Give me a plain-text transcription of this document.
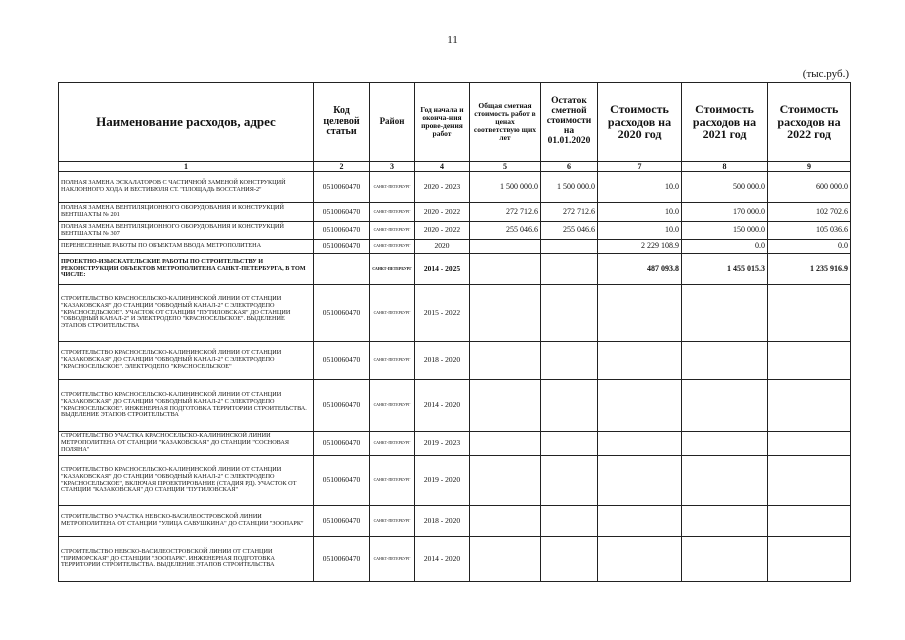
11
(тыс.руб.)
Наименование расходов, адрес	Код целевой статьи	Район	Год начала и оконча-ния прове-дения работ	Общая сметная стоимость работ в ценах соответствую щих лет	Остаток сметной стоимости на 01.01.2020	Стоимость расходов на 2020 год	Стоимость расходов на 2021 год	Стоимость расходов на 2022 год
1	2	3	4	5	6	7	8	9
ПОЛНАЯ ЗАМЕНА ЭСКАЛАТОРОВ С ЧАСТИЧНОЙ ЗАМЕНОЙ КОНСТРУКЦИЙ НАКЛОННОГО ХОДА И ВЕСТИБЮЛЯ СТ. "ПЛОЩАДЬ ВОССТАНИЯ-2"	0510060470	САНКТ-ПЕТЕРБУРГ	2020 - 2023	1 500 000.0	1 500 000.0	10.0	500 000.0	600 000.0
ПОЛНАЯ ЗАМЕНА ВЕНТИЛЯЦИОННОГО ОБОРУДОВАНИЯ И КОНСТРУКЦИЙ ВЕНТШАХТЫ № 201	0510060470	САНКТ-ПЕТЕРБУРГ	2020 - 2022	272 712.6	272 712.6	10.0	170 000.0	102 702.6
ПОЛНАЯ ЗАМЕНА ВЕНТИЛЯЦИОННОГО ОБОРУДОВАНИЯ И КОНСТРУКЦИЙ ВЕНТШАХТЫ № 307	0510060470	САНКТ-ПЕТЕРБУРГ	2020 - 2022	255 046.6	255 046.6	10.0	150 000.0	105 036.6
ПЕРЕНЕСЕННЫЕ РАБОТЫ ПО ОБЪЕКТАМ ВВОДА МЕТРОПОЛИТЕНА	0510060470	САНКТ-ПЕТЕРБУРГ	2020			2 229 108.9	0.0	0.0
ПРОЕКТНО-ИЗЫСКАТЕЛЬСКИЕ РАБОТЫ ПО СТРОИТЕЛЬСТВУ И РЕКОНСТРУКЦИИ ОБЪЕКТОВ МЕТРОПОЛИТЕНА САНКТ-ПЕТЕРБУРГА, В ТОМ ЧИСЛЕ:		САНКТ-ПЕТЕРБУРГ	2014 - 2025			487 093.8	1 455 015.3	1 235 916.9
СТРОИТЕЛЬСТВО КРАСНОСЕЛЬСКО-КАЛИНИНСКОЙ ЛИНИИ ОТ СТАНЦИИ "КАЗАКОВСКАЯ" ДО СТАНЦИИ "ОБВОДНЫЙ КАНАЛ-2" С ЭЛЕКТРОДЕПО "КРАСНОСЕЛЬСКОЕ". УЧАСТОК ОТ СТАНЦИИ "ПУТИЛОВСКАЯ" ДО СТАНЦИИ "ОБВОДНЫЙ КАНАЛ-2" И ЭЛЕКТРОДЕПО "КРАСНОСЕЛЬСКОЕ". ВЫДЕЛЕНИЕ ЭТАПОВ СТРОИТЕЛЬСТВА	0510060470	САНКТ-ПЕТЕРБУРГ	2015 - 2022					
СТРОИТЕЛЬСТВО КРАСНОСЕЛЬСКО-КАЛИНИНСКОЙ ЛИНИИ ОТ СТАНЦИИ "КАЗАКОВСКАЯ" ДО СТАНЦИИ "ОБВОДНЫЙ КАНАЛ-2" С ЭЛЕКТРОДЕПО "КРАСНОСЕЛЬСКОЕ". ЭЛЕКТРОДЕПО "КРАСНОСЕЛЬСКОЕ"	0510060470	САНКТ-ПЕТЕРБУРГ	2018 - 2020					
СТРОИТЕЛЬСТВО КРАСНОСЕЛЬСКО-КАЛИНИНСКОЙ ЛИНИИ ОТ СТАНЦИИ "КАЗАКОВСКАЯ" ДО СТАНЦИИ "ОБВОДНЫЙ КАНАЛ-2" С ЭЛЕКТРОДЕПО "КРАСНОСЕЛЬСКОЕ". ИНЖЕНЕРНАЯ ПОДГОТОВКА ТЕРРИТОРИИ СТРОИТЕЛЬСТВА. ВЫДЕЛЕНИЕ ЭТАПОВ СТРОИТЕЛЬСТВА	0510060470	САНКТ-ПЕТЕРБУРГ	2014 - 2020					
СТРОИТЕЛЬСТВО УЧАСТКА КРАСНОСЕЛЬСКО-КАЛИНИНСКОЙ ЛИНИИ МЕТРОПОЛИТЕНА ОТ СТАНЦИИ "КАЗАКОВСКАЯ" ДО СТАНЦИИ "СОСНОВАЯ ПОЛЯНА"	0510060470	САНКТ-ПЕТЕРБУРГ	2019 - 2023					
СТРОИТЕЛЬСТВО КРАСНОСЕЛЬСКО-КАЛИНИНСКОЙ ЛИНИИ ОТ СТАНЦИИ "КАЗАКОВСКАЯ" ДО СТАНЦИИ "ОБВОДНЫЙ КАНАЛ-2" С ЭЛЕКТРОДЕПО "КРАСНОСЕЛЬСКОЕ", ВКЛЮЧАЯ ПРОЕКТИРОВАНИЕ (СТАДИЯ РД). УЧАСТОК ОТ СТАНЦИИ "КАЗАКОВСКАЯ" ДО СТАНЦИИ "ПУТИЛОВСКАЯ"	0510060470	САНКТ-ПЕТЕРБУРГ	2019 - 2020					
СТРОИТЕЛЬСТВО УЧАСТКА НЕВСКО-ВАСИЛЕОСТРОВСКОЙ ЛИНИИ МЕТРОПОЛИТЕНА ОТ СТАНЦИИ "УЛИЦА САВУШКИНА" ДО СТАНЦИИ "ЗООПАРК"	0510060470	САНКТ-ПЕТЕРБУРГ	2018 - 2020					
СТРОИТЕЛЬСТВО НЕВСКО-ВАСИЛЕОСТРОВСКОЙ ЛИНИИ ОТ СТАНЦИИ "ПРИМОРСКАЯ" ДО СТАНЦИИ "ЗООПАРК". ИНЖЕНЕРНАЯ ПОДГОТОВКА ТЕРРИТОРИИ СТРОИТЕЛЬСТВА. ВЫДЕЛЕНИЕ ЭТАПОВ СТРОИТЕЛЬСТВА	0510060470	САНКТ-ПЕТЕРБУРГ	2014 - 2020					
